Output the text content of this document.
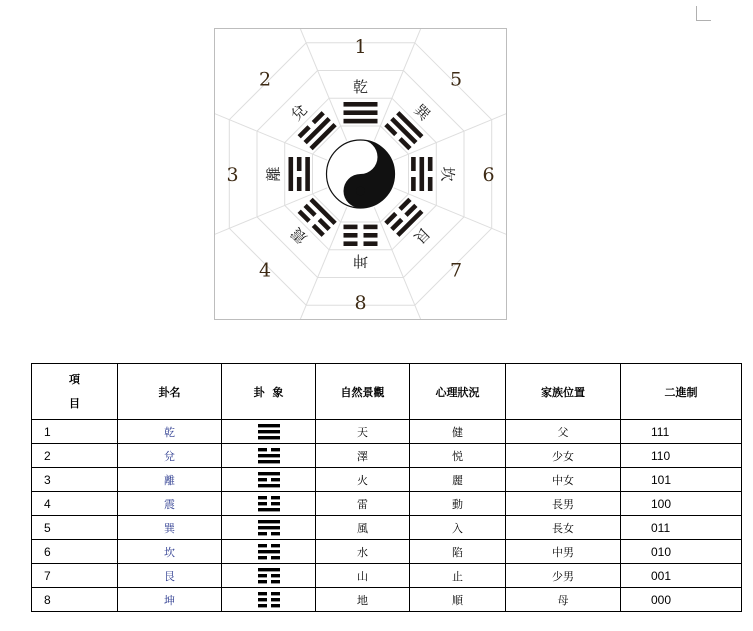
乾
1
巽
5
坎 6
艮
7
坤
8
震
4
離
3
兌
2
項
目	卦名	卦  象	自然景觀	心理狀況	家族位置	二進制
1	乾		天	健	父	111
2	兌		澤	悦	少女	110
3	離		火	麗	中女	101
4	震		雷	動	長男	100
5	巽		風	入	長女	011
6	坎		水	陷	中男	010
7	艮		山	止	少男	001
8	坤		地	順	母	000
